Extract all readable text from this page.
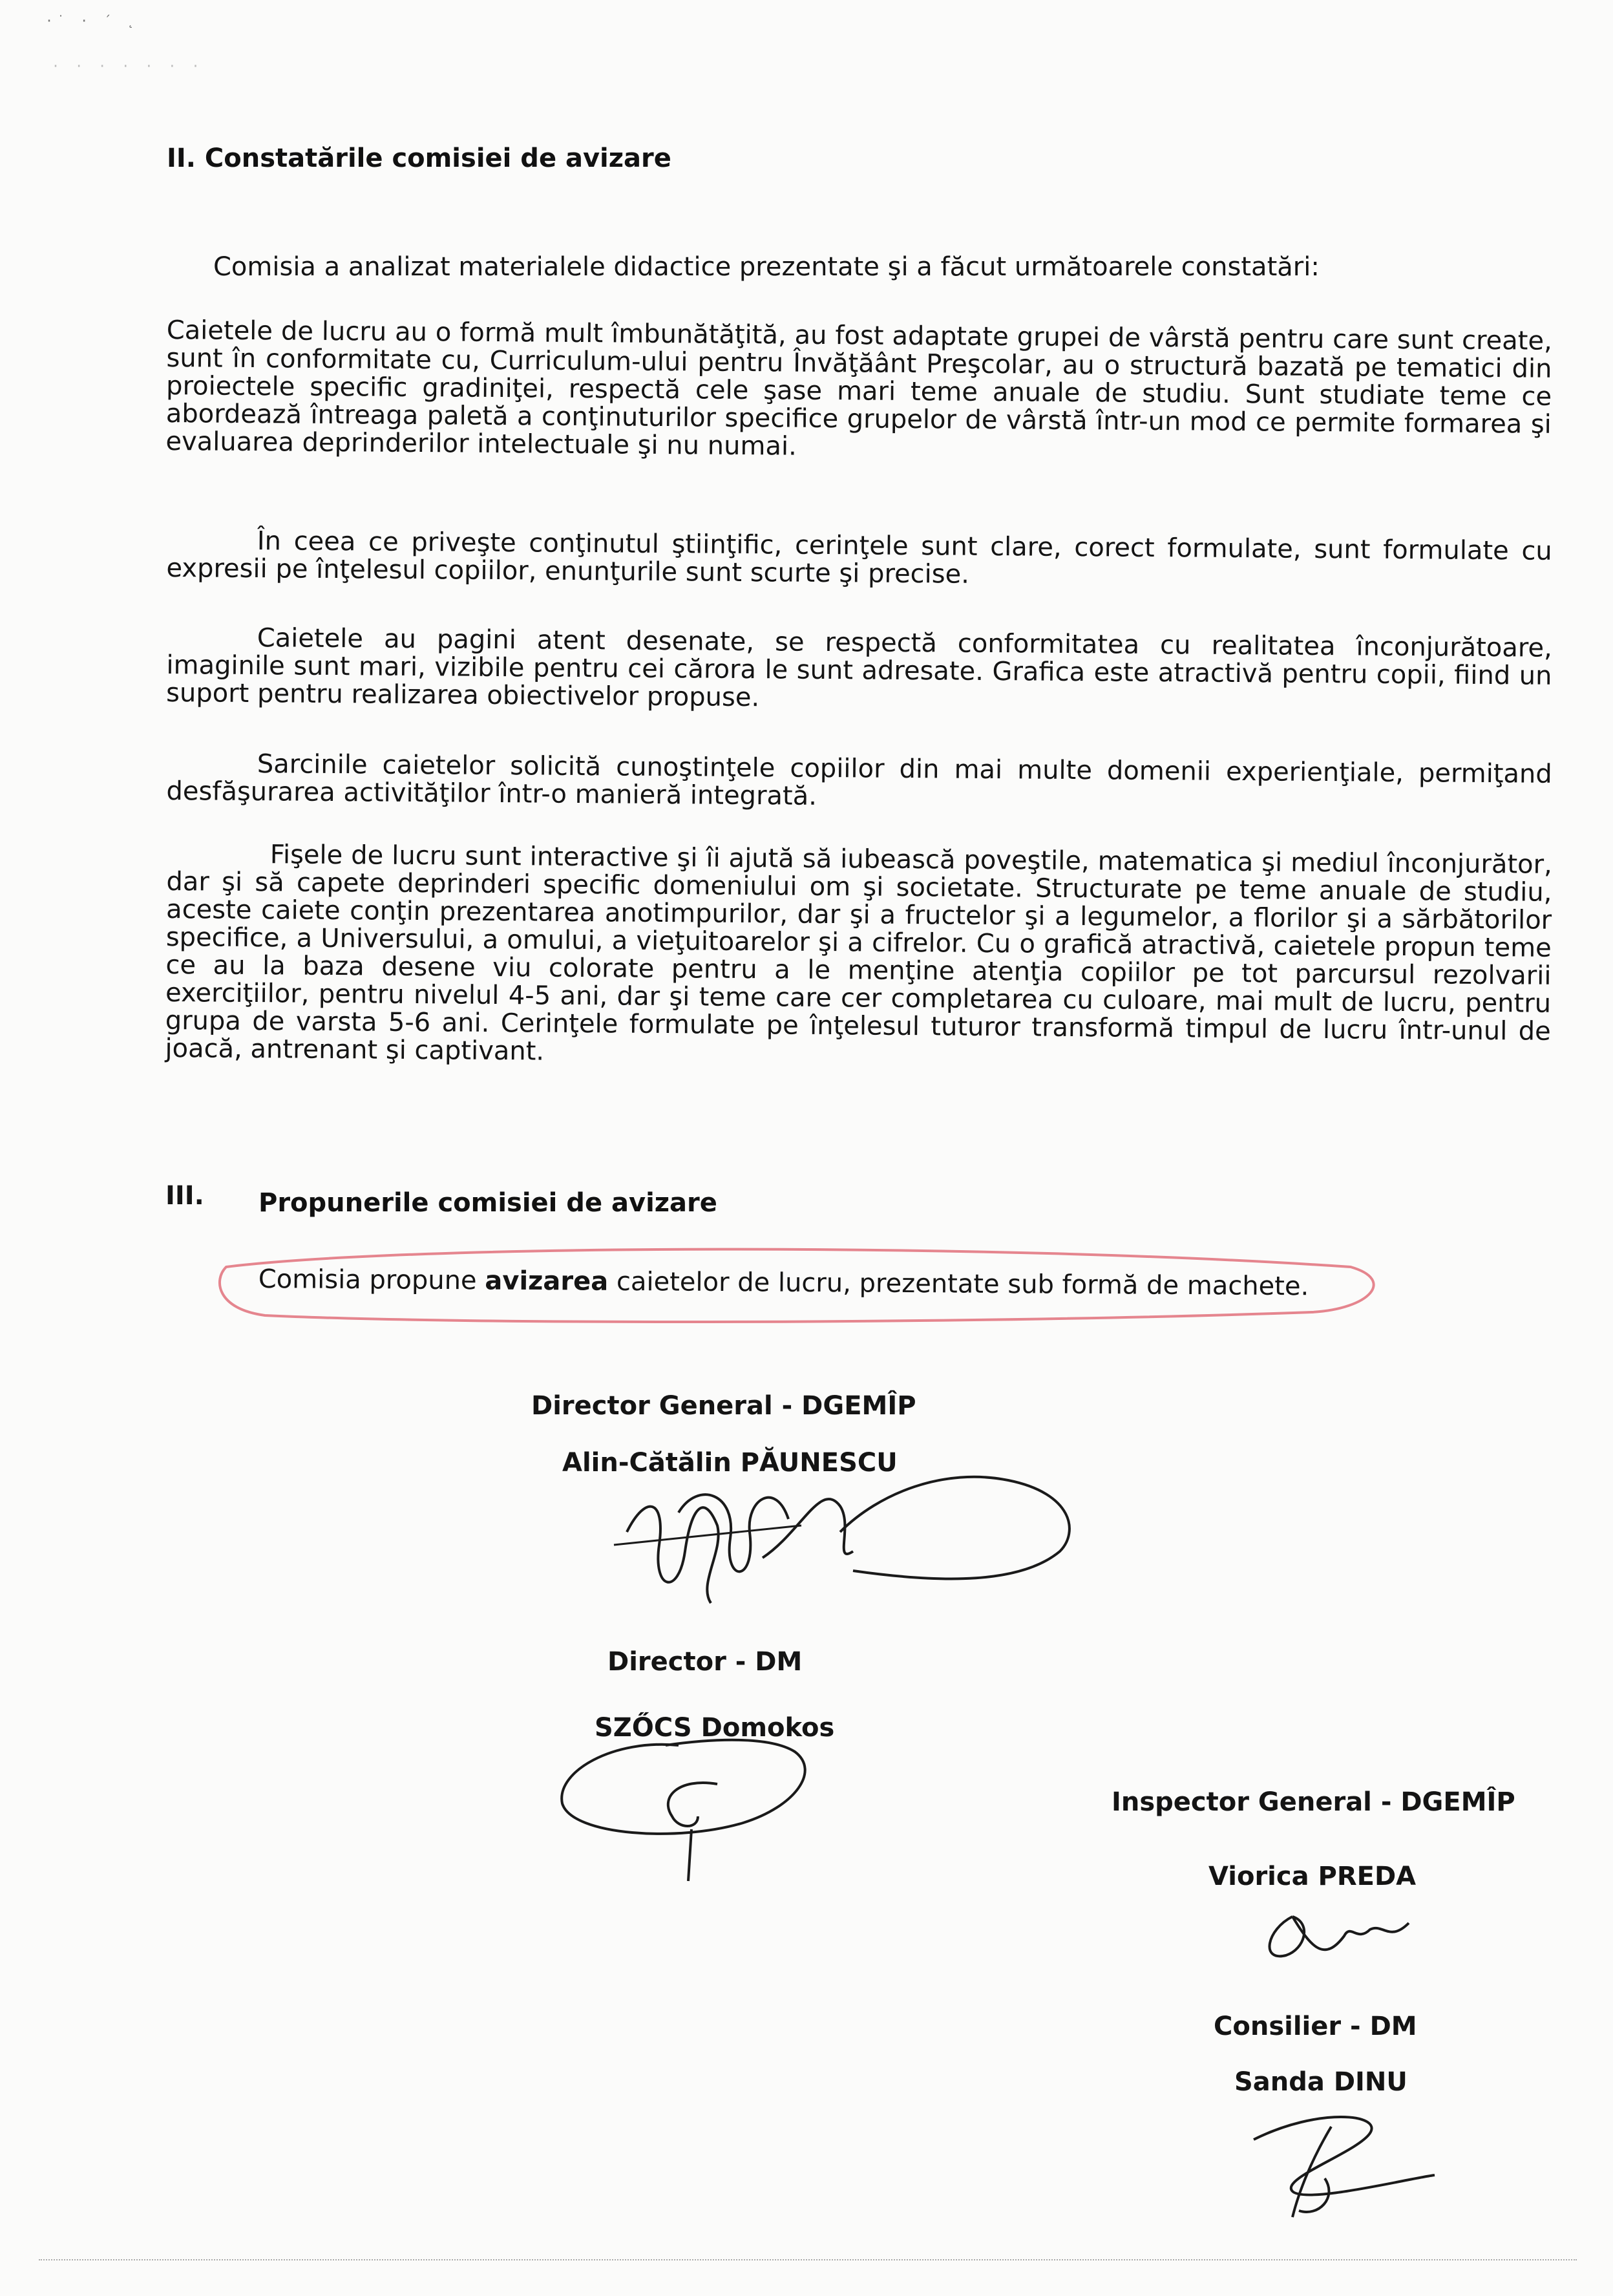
·˙ · ´ ˛
· · · · · · ·
II. Constatările comisiei de avizare
Comisia a analizat materialele didactice prezentate şi a făcut următoarele constatări:
Caietele de lucru au o formă mult îmbunătăţită, au fost adaptate grupei de vârstă pentru care sunt create, sunt în conformitate cu, Curriculum-ului pentru Învăţăânt Preşcolar, au o structură bazată pe tematici din proiectele specific gradiniţei, respectă cele şase mari teme anuale de studiu. Sunt studiate teme ce abordează întreaga paletă a conţinuturilor specifice grupelor de vârstă într-un mod ce permite formarea şi evaluarea deprinderilor intelectuale şi nu numai.
În ceea ce priveşte conţinutul ştiinţific, cerinţele sunt clare, corect formulate, sunt formulate cu expresii pe înţelesul copiilor, enunţurile sunt scurte şi precise.
Caietele au pagini atent desenate, se respectă conformitatea cu realitatea înconjurătoare, imaginile sunt mari, vizibile pentru cei cărora le sunt adresate. Grafica este atractivă pentru copii, fiind un suport pentru realizarea obiectivelor propuse.
Sarcinile caietelor solicită cunoştinţele copiilor din mai multe domenii experienţiale, permiţand desfăşurarea activităţilor într-o manieră integrată.
Fişele de lucru sunt interactive şi îi ajută să iubească poveştile, matematica şi mediul înconjurător, dar şi să capete deprinderi specific domeniului om şi societate. Structurate pe teme anuale de studiu, aceste caiete conţin prezentarea anotimpurilor, dar şi a fructelor şi a legumelor, a florilor şi a sărbătorilor specifice, a Universului, a omului, a vieţuitoarelor şi a cifrelor. Cu o grafică atractivă, caietele propun teme ce au la baza desene viu colorate pentru a le menţine atenţia copiilor pe tot parcursul rezolvarii exerciţiilor, pentru nivelul 4-5 ani, dar şi teme care cer completarea cu culoare, mai mult de lucru, pentru grupa de varsta 5-6 ani. Cerinţele formulate pe înţelesul tuturor transformă timpul de lucru într-unul de joacă, antrenant şi captivant.
III. Propunerile comisiei de avizare
Comisia propune avizarea caietelor de lucru, prezentate sub formă de machete.
Director General - DGEMÎP
Alin-Cătălin PĂUNESCU
Director - DM
SZŐCS Domokos
Inspector General - DGEMÎP
Viorica PREDA
Consilier - DM
Sanda DINU
